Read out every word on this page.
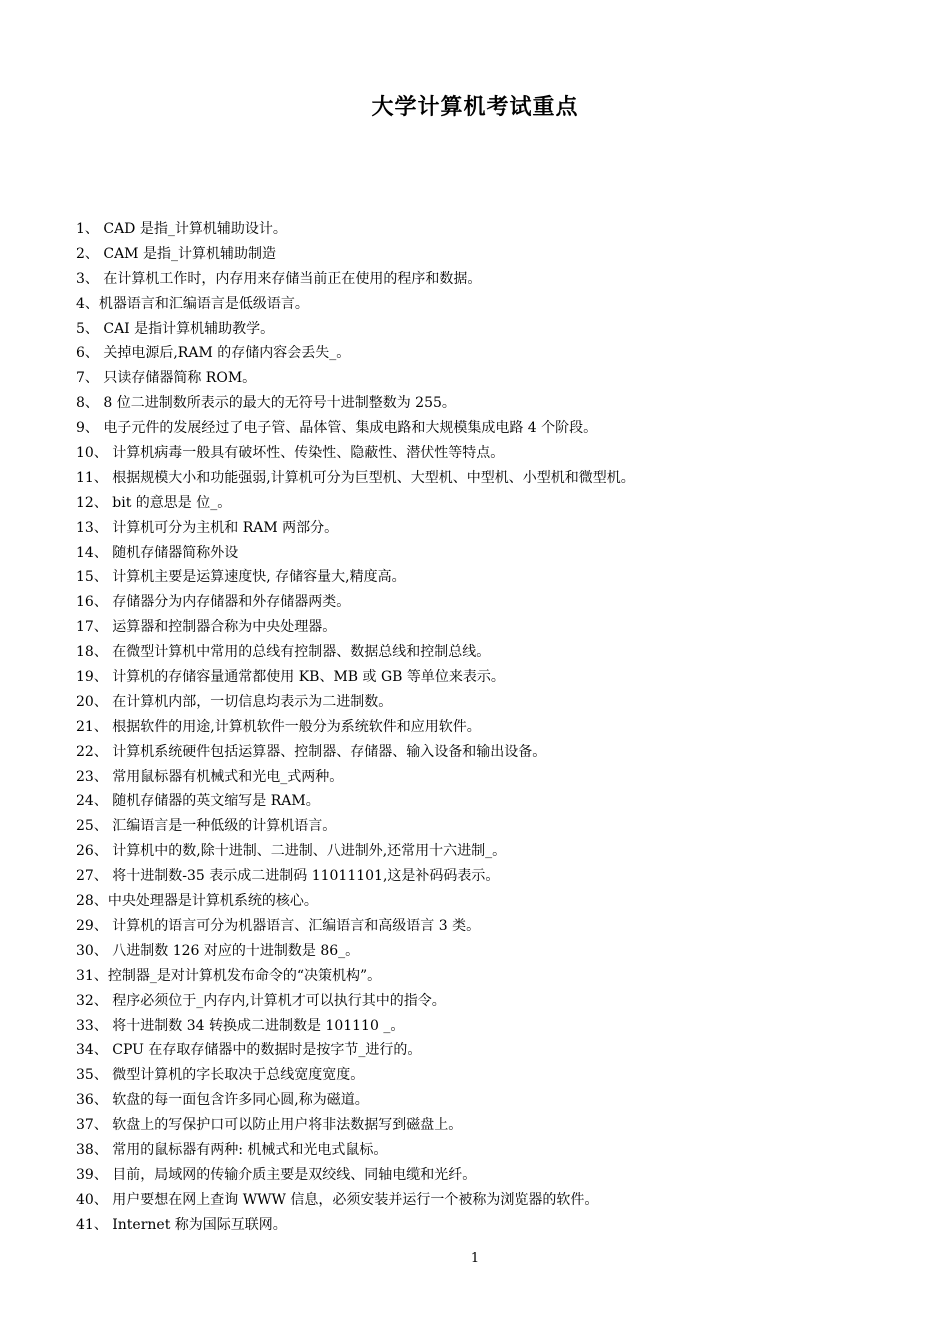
大学计算机考试重点
1、 CAD 是指_计算机辅助设计。
2、 CAM 是指_计算机辅助制造
3、 在计算机工作时，内存用来存储当前正在使用的程序和数据。
4、机器语言和汇编语言是低级语言。
5、 CAI 是指计算机辅助教学。
6、 关掉电源后,RAM 的存储内容会丢失_。
7、 只读存储器简称 ROM。
8、 8 位二进制数所表示的最大的无符号十进制整数为 255。
9、 电子元件的发展经过了电子管、晶体管、集成电路和大规模集成电路 4 个阶段。
10、 计算机病毒一般具有破坏性、传染性、隐蔽性、潜伏性等特点。
11、 根据规模大小和功能强弱,计算机可分为巨型机、大型机、中型机、小型机和微型机。
12、 bit 的意思是 位_。
13、 计算机可分为主机和 RAM 两部分。
14、 随机存储器简称外设
15、 计算机主要是运算速度快, 存储容量大,精度高。
16、 存储器分为内存储器和外存储器两类。
17、 运算器和控制器合称为中央处理器。
18、 在微型计算机中常用的总线有控制器、数据总线和控制总线。
19、 计算机的存储容量通常都使用 KB、MB 或 GB 等单位来表示。
20、 在计算机内部，一切信息均表示为二进制数。
21、 根据软件的用途,计算机软件一般分为系统软件和应用软件。
22、 计算机系统硬件包括运算器、控制器、存储器、输入设备和输出设备。
23、 常用鼠标器有机械式和光电_式两种。
24、 随机存储器的英文缩写是 RAM。
25、 汇编语言是一种低级的计算机语言。
26、 计算机中的数,除十进制、二进制、八进制外,还常用十六进制_。
27、 将十进制数-35 表示成二进制码 11011101,这是补码码表示。
28、中央处理器是计算机系统的核心。
29、 计算机的语言可分为机器语言、汇编语言和高级语言 3 类。
30、 八进制数 126 对应的十进制数是 86_。
31、控制器_是对计算机发布命令的“决策机构”。
32、 程序必须位于_内存内,计算机才可以执行其中的指令。
33、 将十进制数 34 转换成二进制数是 101110 _。
34、 CPU 在存取存储器中的数据时是按字节_进行的。
35、 微型计算机的字长取决于总线宽度宽度。
36、 软盘的每一面包含许多同心圆,称为磁道。
37、 软盘上的写保护口可以防止用户将非法数据写到磁盘上。
38、 常用的鼠标器有两种: 机械式和光电式鼠标。
39、 目前，局域网的传输介质主要是双绞线、同轴电缆和光纤。
40、 用户要想在网上查询 WWW 信息，必须安装并运行一个被称为浏览器的软件。
41、 Internet 称为国际互联网。
1
